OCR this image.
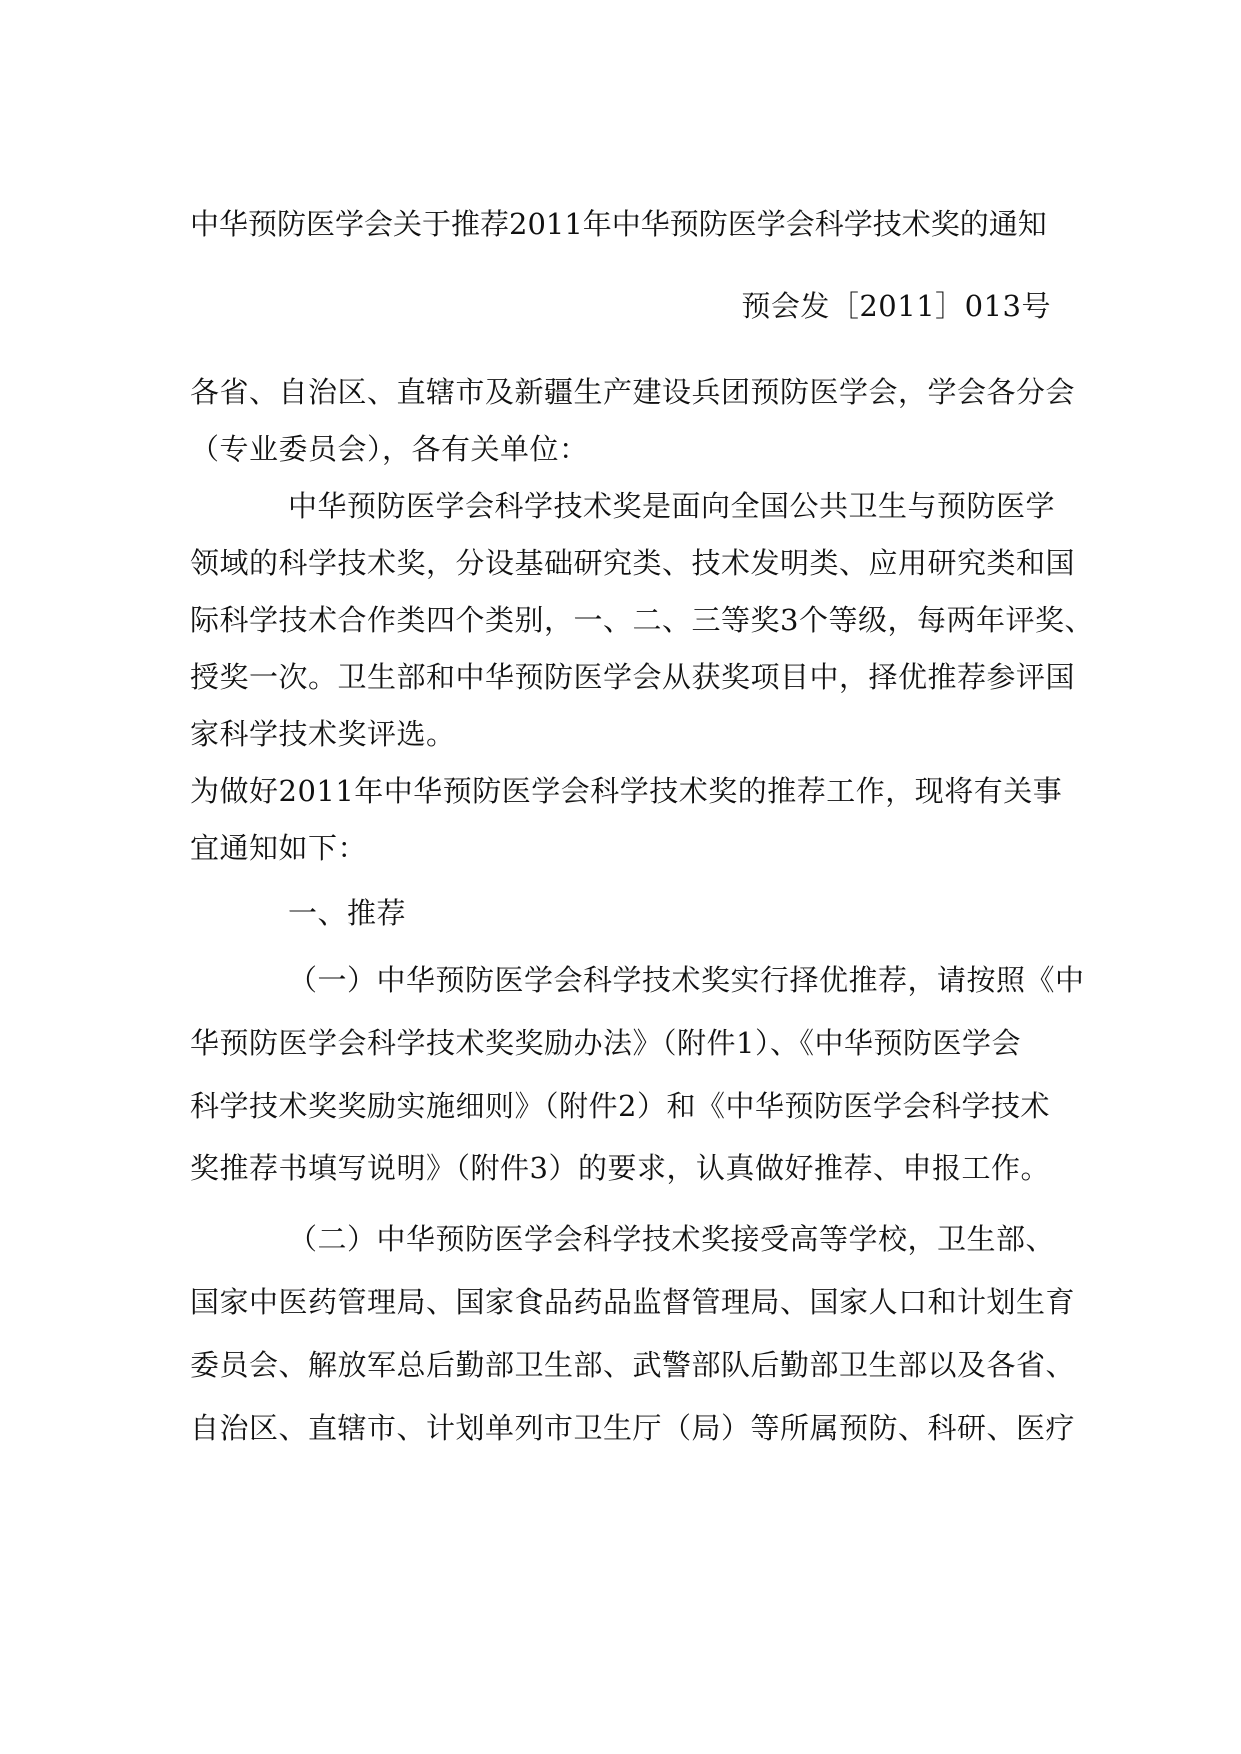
中华预防医学会关于推荐2011年中华预防医学会科学技术奖的通知
预会发［2011］013号
各省、自治区、直辖市及新疆生产建设兵团预防医学会，学会各分会
（专业委员会），各有关单位：
中华预防医学会科学技术奖是面向全国公共卫生与预防医学
领域的科学技术奖，分设基础研究类、技术发明类、应用研究类和国
际科学技术合作类四个类别，一、二、三等奖3个等级，每两年评奖、
授奖一次。卫生部和中华预防医学会从获奖项目中，择优推荐参评国
家科学技术奖评选。
为做好2011年中华预防医学会科学技术奖的推荐工作，现将有关事
宜通知如下：
一、推荐
（一）中华预防医学会科学技术奖实行择优推荐，请按照《中
华预防医学会科学技术奖奖励办法》（附件1）、《中华预防医学会
科学技术奖奖励实施细则》（附件2）和《中华预防医学会科学技术
奖推荐书填写说明》（附件3）的要求，认真做好推荐、申报工作。
（二）中华预防医学会科学技术奖接受高等学校，卫生部、
国家中医药管理局、国家食品药品监督管理局、国家人口和计划生育
委员会、解放军总后勤部卫生部、武警部队后勤部卫生部以及各省、
自治区、直辖市、计划单列市卫生厅（局）等所属预防、科研、医疗
